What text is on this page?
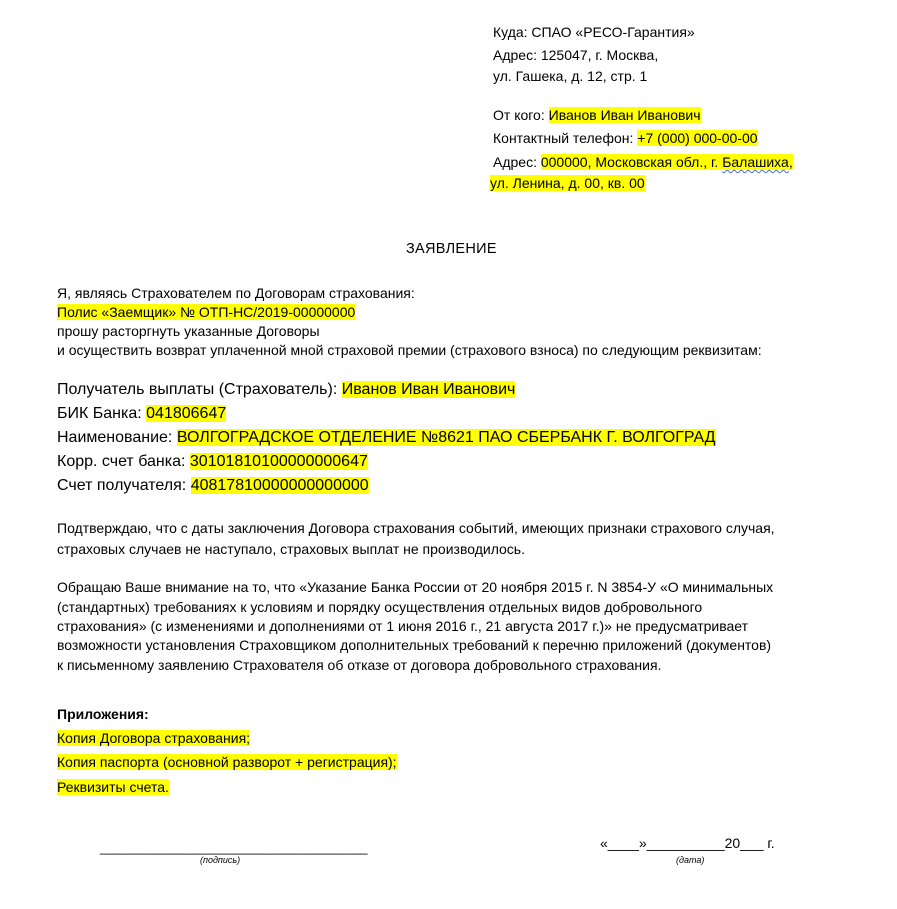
Куда: СПАО «РЕСО-Гарантия»
Адрес: 125047, г. Москва,
ул. Гашека, д. 12, стр. 1
От кого: Иванов Иван Иванович
Контактный телефон: +7 (000) 000-00-00
Адрес: 000000, Московская обл., г. Балашиха,
ул. Ленина, д. 00, кв. 00
ЗАЯВЛЕНИЕ
Я, являясь Страхователем по Договорам страхования:
Полис «Заемщик» № ОТП-НС/2019-00000000
прошу расторгнуть указанные Договоры
и осуществить возврат уплаченной мной страховой премии (страхового взноса) по следующим реквизитам:
Получатель выплаты (Страхователь): Иванов Иван Иванович
БИК Банка: 041806647
Наименование: ВОЛГОГРАДСКОЕ ОТДЕЛЕНИЕ №8621 ПАО СБЕРБАНК Г. ВОЛГОГРАД
Корр. счет банка: 30101810100000000647
Счет получателя: 40817810000000000000
Подтверждаю, что с даты заключения Договора страхования событий, имеющих признаки страхового случая,
страховых случаев не наступало, страховых выплат не производилось.
Обращаю Ваше внимание на то, что «Указание Банка России от 20 ноября 2015 г. N 3854-У «О минимальных
(стандартных) требованиях к условиям и порядку осуществления отдельных видов добровольного
страхования» (с изменениями и дополнениями от 1 июня 2016 г., 21 августа 2017 г.)» не предусматривает
возможности установления Страховщиком дополнительных требований к перечню приложений (документов)
к письменному заявлению Страхователя об отказе от договора добровольного страхования.
Приложения:
Копия Договора страхования;
Копия паспорта (основной разворот + регистрация);
Реквизиты счета.
_____________________________________
(подпись)
«____»__________20___ г.
(дата)
